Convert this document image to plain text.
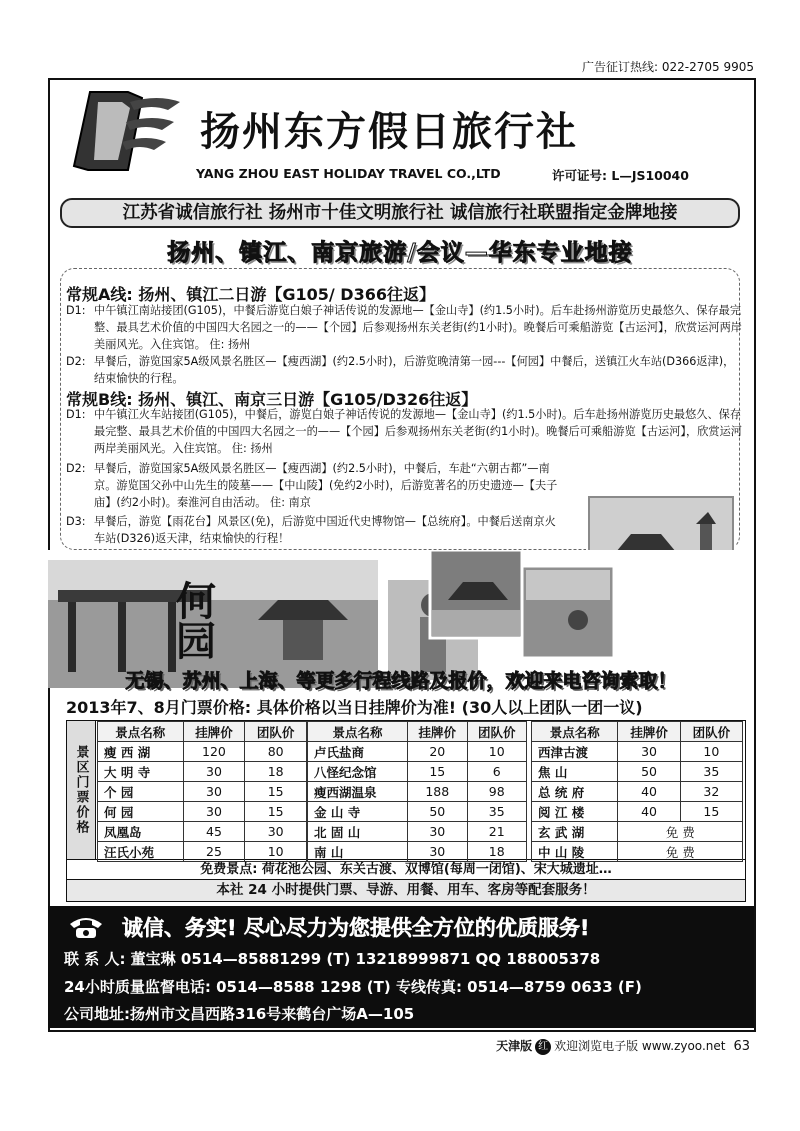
广告征订热线: 022-2705 9905
扬州东方假日旅行社
YANG ZHOU EAST HOLIDAY TRAVEL CO.,LTD	许可证号: L—JS10040
江苏省诚信旅行社 扬州市十佳文明旅行社 诚信旅行社联盟指定金牌地接
扬州、镇江、南京旅游/会议—华东专业地接
常规A线: 扬州、镇江二日游【G105/ D366往返】
D1: 中午镇江南站接团(G105)，中餐后游览白娘子神话传说的发源地—【金山寺】(约1.5小时)。后车赴扬州游览历史最悠久、保存最完整、最具艺术价值的中国四大名园之一的——【个园】后参观扬州东关老街(约1小时)。晚餐后可乘船游览【古运河】，欣赏运河两岸美丽风光。入住宾馆。 住: 扬州
D2: 早餐后，游览国家5A级风景名胜区—【瘦西湖】(约2.5小时)，后游览晚清第一园---【何园】中餐后，送镇江火车站(D366返津)，结束愉快的行程。
常规B线: 扬州、镇江、南京三日游【G105/D326往返】
D1: 中午镇江火车站接团(G105)，中餐后，游览白娘子神话传说的发源地—【金山寺】(约1.5小时)。后车赴扬州游览历史最悠久、保存最完整、最具艺术价值的中国四大名园之一的——【个园】后参观扬州东关老街(约1小时)。晚餐后可乘船游览【古运河】，欣赏运河两岸美丽风光。入住宾馆。 住: 扬州
D2: 早餐后，游览国家5A级风景名胜区—【瘦西湖】(约2.5小时)，中餐后，车赴“六朝古都”—南京。游览国父孙中山先生的陵墓——【中山陵】(免约2小时)，后游览著名的历史遗迹—【夫子庙】(约2小时)。秦淮河自由活动。 住: 南京
D3: 早餐后，游览【雨花台】风景区(免)，后游览中国近代史博物馆—【总统府】。中餐后送南京火车站(D326)返天津，结束愉快的行程！
何园
无锡、苏州、上海、等更多行程线路及报价，欢迎来电咨询索取！
2013年7、8月门票价格: 具体价格以当日挂牌价为准! (30人以上团队一团一议)
景区门票价格
景点名称	挂牌价	团队价
瘦 西 湖	120	80
大 明 寺	30	18
个 园	30	15
何 园	30	15
凤凰岛	45	30
汪氏小苑	25	10
景点名称	挂牌价	团队价
卢氏盐商	20	10
八怪纪念馆	15	6
瘦西湖温泉	188	98
金 山 寺	50	35
北 固 山	30	21
南 山	30	18
景点名称	挂牌价	团队价
西津古渡	30	10
焦 山	50	35
总 统 府	40	32
阅 江 楼	40	15
玄 武 湖	免 费	
中 山 陵	免 费	
免费景点: 荷花池公园、东关古渡、双博馆(每周一闭馆)、宋大城遗址…
本社 24 小时提供门票、导游、用餐、用车、客房等配套服务！
诚信、务实! 尽心尽力为您提供全方位的优质服务!
联 系 人: 董宝琳 0514—85881299 (T) 13218999871 QQ 188005378
24小时质量监督电话: 0514—8588 1298 (T) 专线传真: 0514—8759 0633 (F)
公司地址:扬州市文昌西路316号来鹤台广场A—105
天津版 红 欢迎浏览电子版 www.zyoo.net 63
